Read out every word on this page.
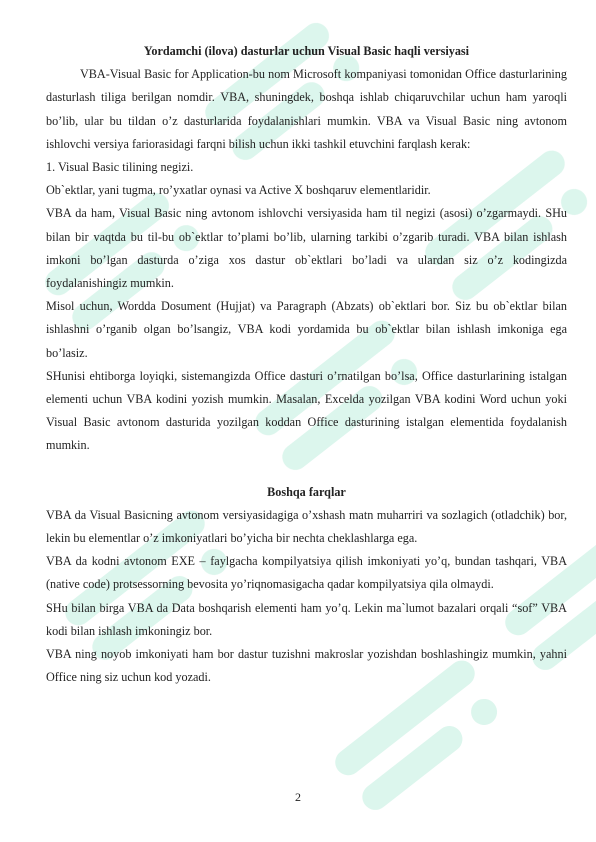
Yordamchi (ilova) dasturlar uchun Visual Basic haqli versiyasi

VBA-Visual Basic for Application-bu nom Microsoft kompaniyasi tomonidan Office dasturlarining dasturlash tiliga berilgan nomdir. VBA, shuningdek, boshqa ishlab chiqaruvchilar uchun ham yaroqli bo’lib, ular bu tildan o’z dasturlarida foydalanishlari mumkin. VBA va Visual Basic ning avtonom ishlovchi versiya fariorasidagi farqni bilish uchun ikki tashkil etuvchini farqlash kerak:

1. Visual Basic tilining negizi.

Ob`ektlar, yani tugma, ro’yxatlar oynasi va Active X boshqaruv elementlaridir.

VBA da ham, Visual Basic ning avtonom ishlovchi versiyasida ham til negizi (asosi) o’zgarmaydi. SHu bilan bir vaqtda bu til-bu ob`ektlar to’plami bo’lib, ularning tarkibi o’zgarib turadi. VBA bilan ishlash imkoni bo’lgan dasturda o’ziga xos dastur ob`ektlari bo’ladi va ulardan siz o’z kodingizda foydalanishingiz mumkin.

Misol uchun, Wordda Dosument (Hujjat) va Paragraph (Abzats) ob`ektlari bor. Siz bu ob`ektlar bilan ishlashni o’rganib olgan bo’lsangiz, VBA kodi yordamida bu ob`ektlar bilan ishlash imkoniga ega bo’lasiz.

SHunisi ehtiborga loyiqki, sistemangizda Office dasturi o’rnatilgan bo’lsa, Office dasturlarining istalgan elementi uchun VBA kodini yozish mumkin. Masalan, Excelda yozilgan VBA kodini Word uchun yoki Visual Basic avtonom dasturida yozilgan koddan Office dasturining istalgan elementida foydalanish mumkin.

Boshqa farqlar

VBA da Visual Basicning avtonom versiyasidagiga o’xshash matn muharriri va sozlagich (otladchik) bor, lekin bu elementlar o’z imkoniyatlari bo’yicha bir nechta cheklashlarga ega.

VBA da kodni avtonom EXE – faylgacha kompilyatsiya qilish imkoniyati yo’q, bundan tashqari, VBA (native code) protsessorning bevosita yo’riqnomasigacha qadar kompilyatsiya qila olmaydi.

SHu bilan birga VBA da Data boshqarish elementi ham yo’q. Lekin ma`lumot bazalari orqali “sof” VBA kodi bilan ishlash imkoningiz bor.

VBA ning noyob imkoniyati ham bor dastur tuzishni makroslar yozishdan boshlashingiz mumkin, yahni Office ning siz uchun kod yozadi.

2
